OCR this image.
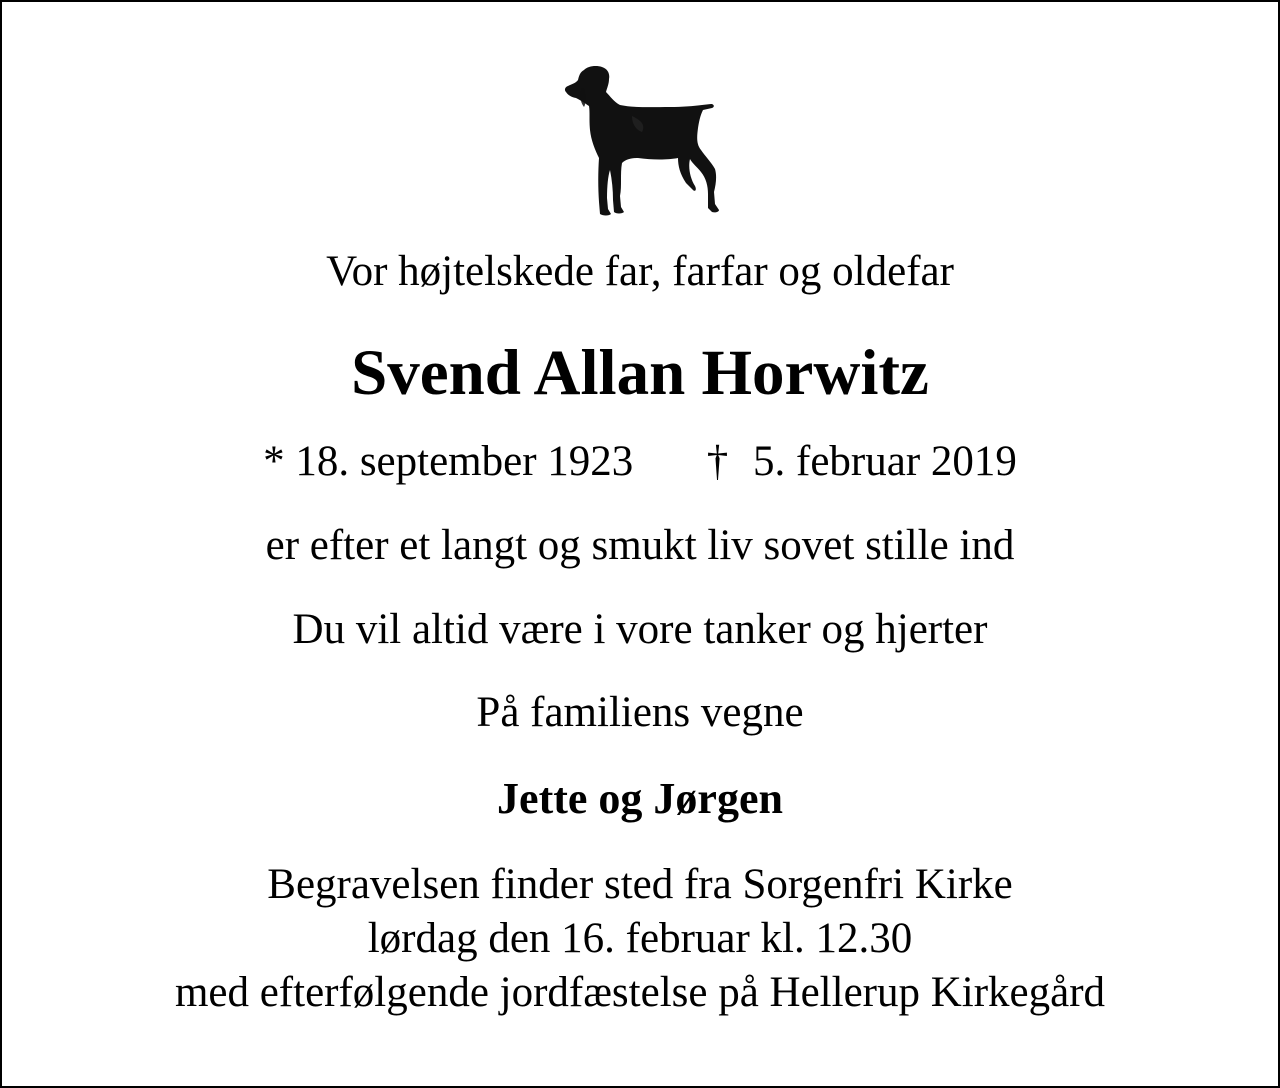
Vor højtelskede far, farfar og oldefar
Svend Allan Horwitz
* 18. september 1923 † 5. februar 2019
er efter et langt og smukt liv sovet stille ind
Du vil altid være i vore tanker og hjerter
På familiens vegne
Jette og Jørgen
Begravelsen finder sted fra Sorgenfri Kirke
lørdag den 16. februar kl. 12.30
med efterfølgende jordfæstelse på Hellerup Kirkegård
